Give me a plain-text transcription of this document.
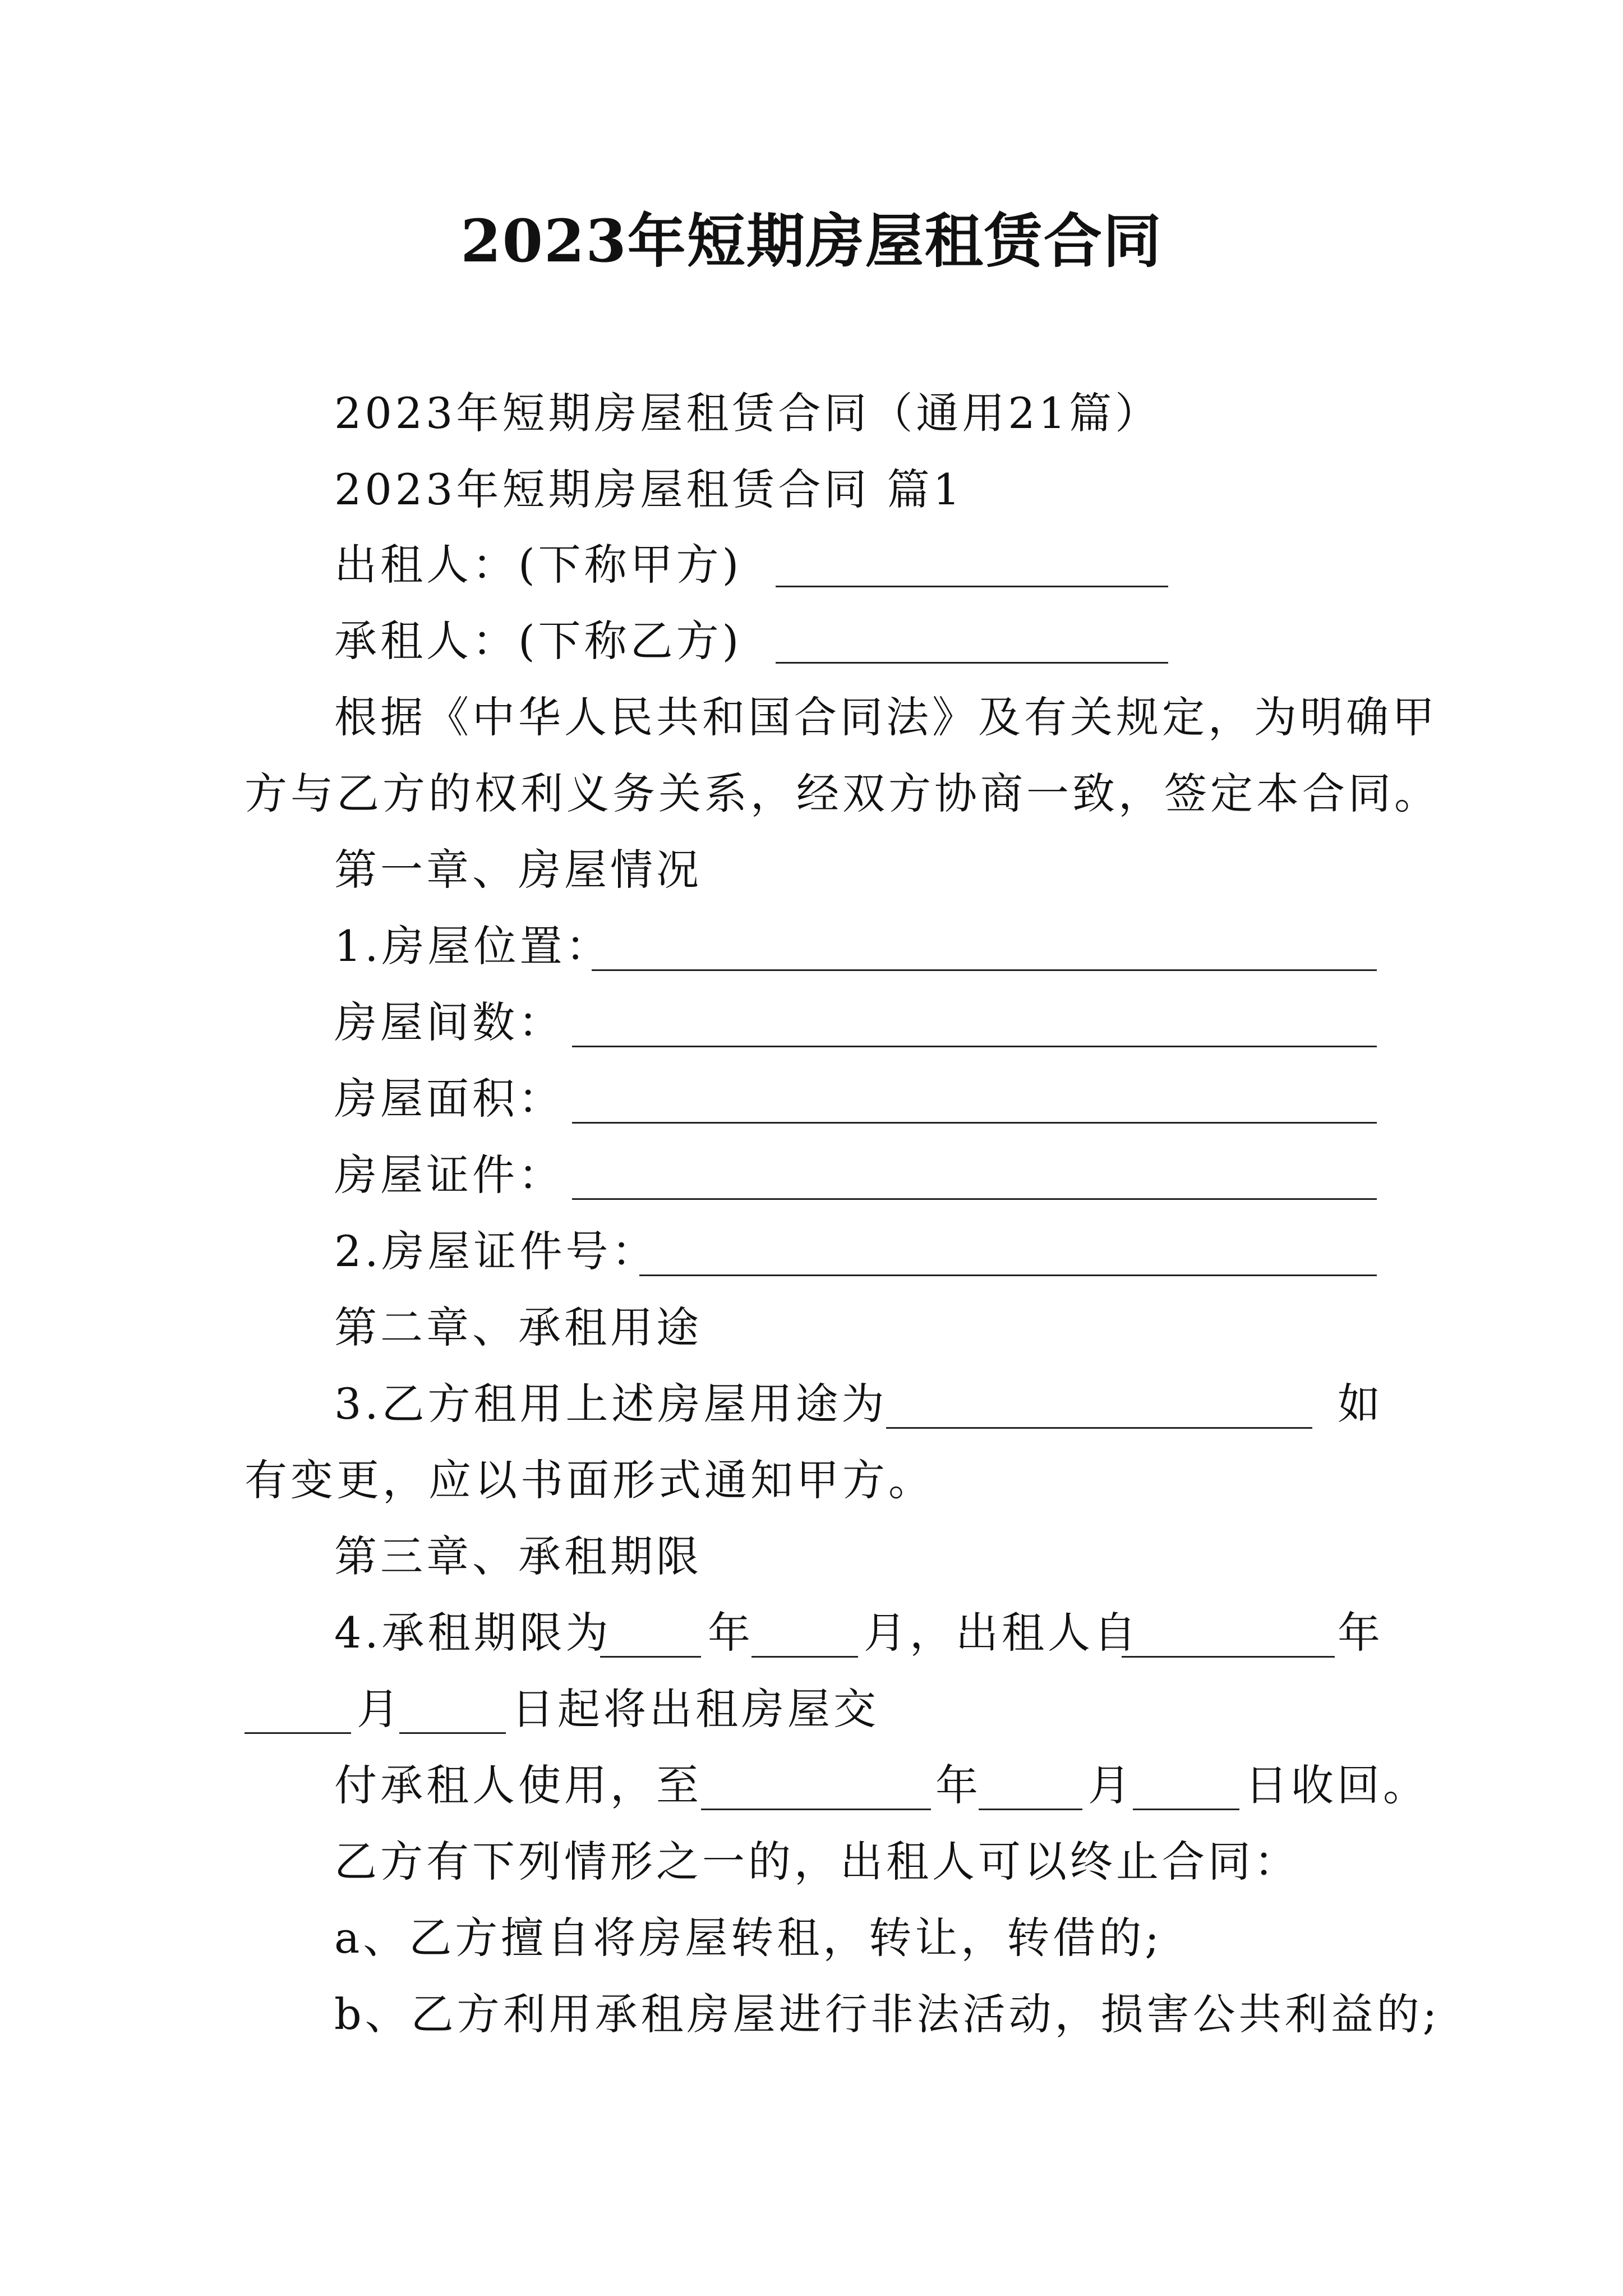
2023年短期房屋租赁合同
2023年短期房屋租赁合同（通用21篇）
2023年短期房屋租赁合同 篇1
出租人：(下称甲方)
承租人：(下称乙方)
根据《中华人民共和国合同法》及有关规定，为明确甲
方与乙方的权利义务关系，经双方协商一致，签定本合同。
第一章、房屋情况
1.房屋位置：
房屋间数：
房屋面积：
房屋证件：
2.房屋证件号：
第二章、承租用途
3.乙方租用上述房屋用途为	如
有变更，应以书面形式通知甲方。
第三章、承租期限
4.承租期限为 年	月，出租人自	年
月	日起将出租房屋交
付承租人使用，至	年	月	日收回。
乙方有下列情形之一的，出租人可以终止合同：
a、乙方擅自将房屋转租，转让，转借的;
b、乙方利用承租房屋进行非法活动，损害公共利益的;
